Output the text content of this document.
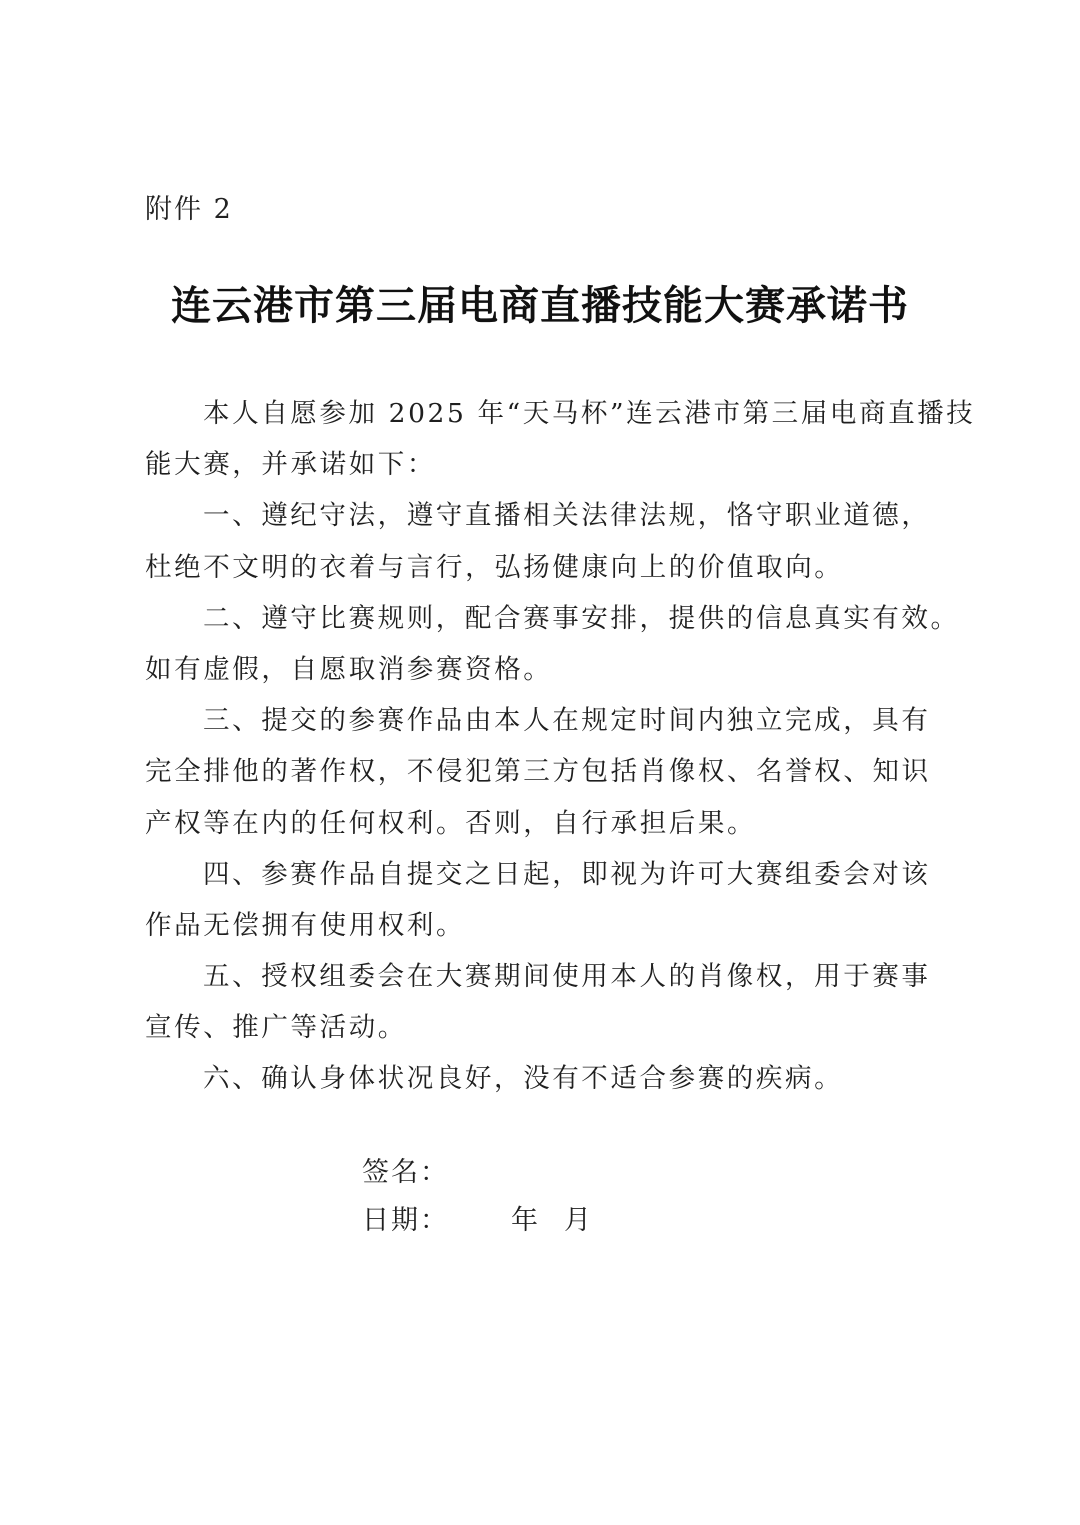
附件 2
连云港市第三届电商直播技能大赛承诺书
本人自愿参加 2025 年“天马杯”连云港市第三届电商直播技
能大赛，并承诺如下：
一、遵纪守法，遵守直播相关法律法规，恪守职业道德，
杜绝不文明的衣着与言行，弘扬健康向上的价值取向。
二、遵守比赛规则，配合赛事安排，提供的信息真实有效。
如有虚假，自愿取消参赛资格。
三、提交的参赛作品由本人在规定时间内独立完成，具有
完全排他的著作权，不侵犯第三方包括肖像权、名誉权、知识
产权等在内的任何权利。否则，自行承担后果。
四、参赛作品自提交之日起，即视为许可大赛组委会对该
作品无偿拥有使用权利。
五、授权组委会在大赛期间使用本人的肖像权，用于赛事
宣传、推广等活动。
六、确认身体状况良好，没有不适合参赛的疾病。
签名：
日期： 年 月
